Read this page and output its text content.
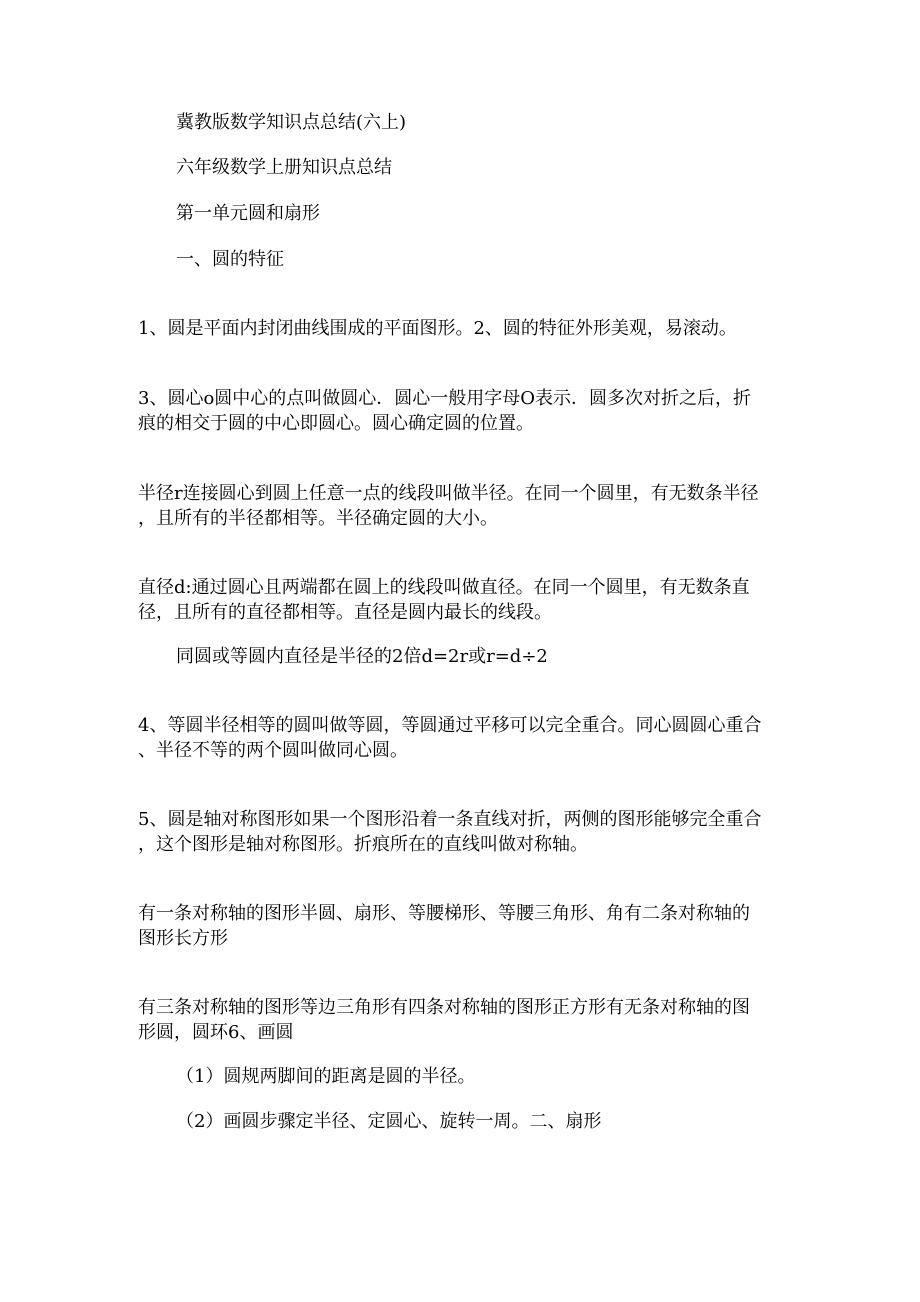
冀教版数学知识点总结(六上)
六年级数学上册知识点总结
第一单元圆和扇形
一、圆的特征
1、圆是平面内封闭曲线围成的平面图形。2、圆的特征外形美观，易滚动。
3、圆心o圆中心的点叫做圆心．圆心一般用字母O表示．圆多次对折之后，折
痕的相交于圆的中心即圆心。圆心确定圆的位置。
半径r连接圆心到圆上任意一点的线段叫做半径。在同一个圆里，有无数条半径
，且所有的半径都相等。半径确定圆的大小。
直径d:通过圆心且两端都在圆上的线段叫做直径。在同一个圆里，有无数条直
径，且所有的直径都相等。直径是圆内最长的线段。
同圆或等圆内直径是半径的2倍d=2r或r=d÷2
4、等圆半径相等的圆叫做等圆，等圆通过平移可以完全重合。同心圆圆心重合
、半径不等的两个圆叫做同心圆。
5、圆是轴对称图形如果一个图形沿着一条直线对折，两侧的图形能够完全重合
，这个图形是轴对称图形。折痕所在的直线叫做对称轴。
有一条对称轴的图形半圆、扇形、等腰梯形、等腰三角形、角有二条对称轴的
图形长方形
有三条对称轴的图形等边三角形有四条对称轴的图形正方形有无条对称轴的图
形圆，圆环6、画圆
（1）圆规两脚间的距离是圆的半径。
（2）画圆步骤定半径、定圆心、旋转一周。二、扇形
